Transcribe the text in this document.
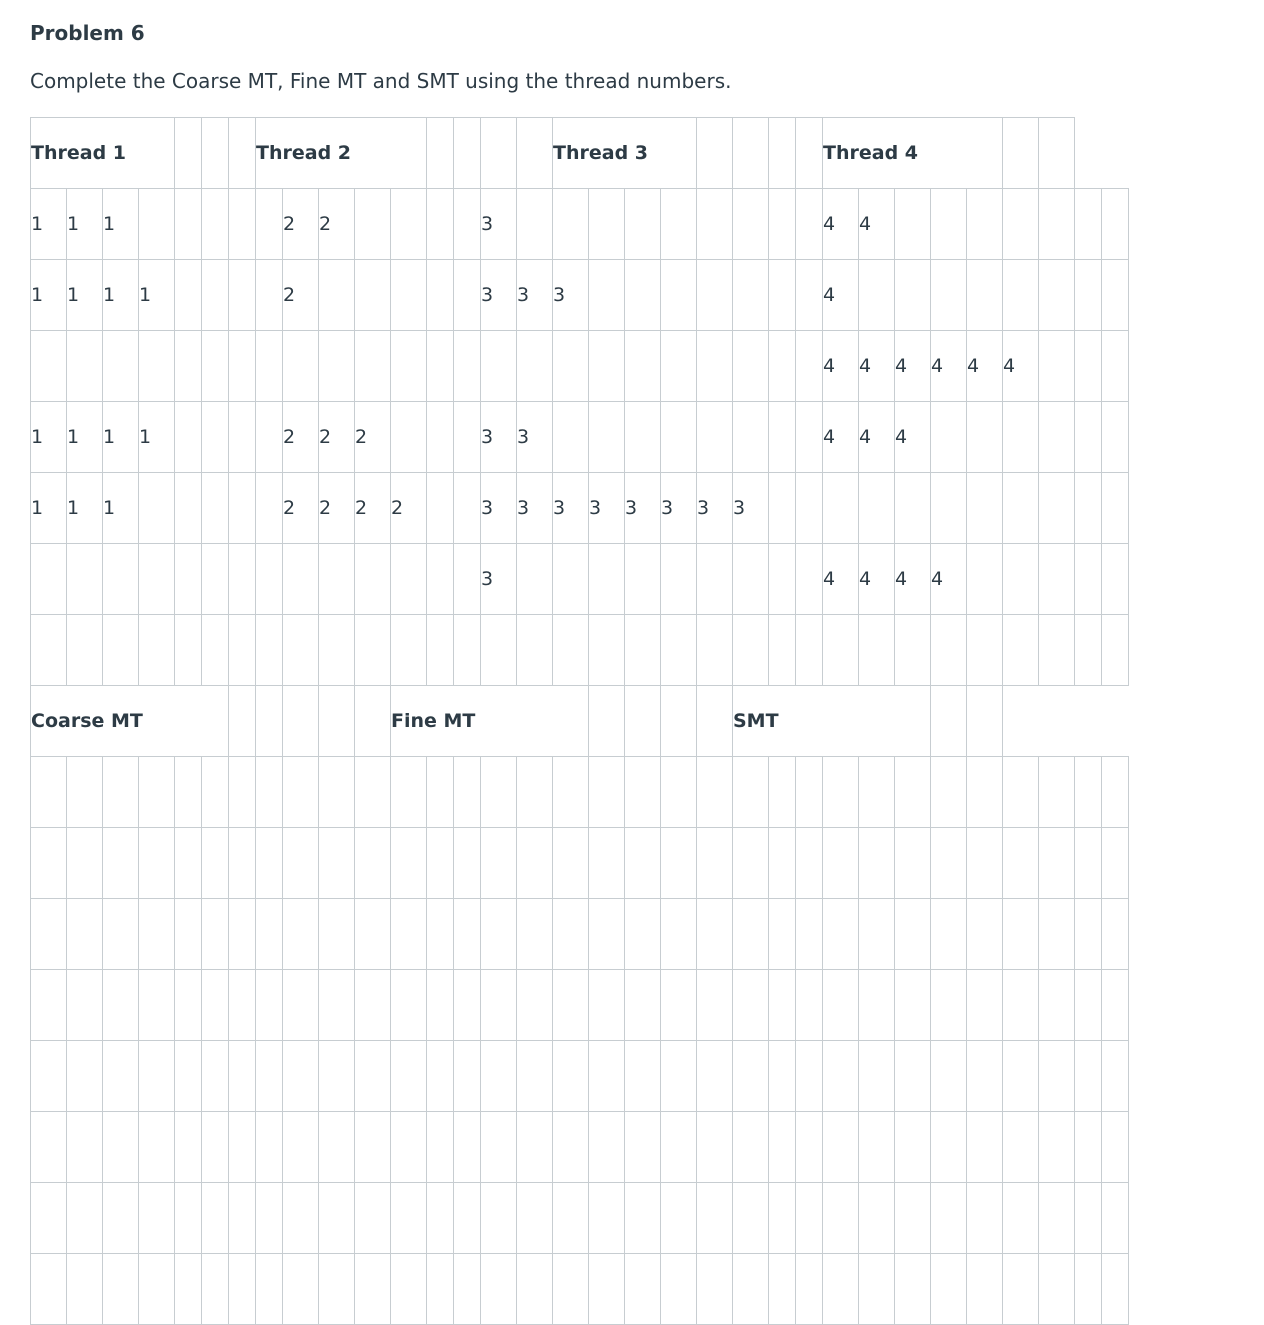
Problem 6

Complete the Coarse MT, Fine MT and SMT using the thread numbers.

Thread 1							Thread 2									Thread 3								Thread 4								
1	1	1						2	2					3										4	4							
1	1	1	1					2						3	3	3								4								
																								4	4	4	4	4	4			
1	1	1	1					2	2	2				3	3									4	4	4						
1	1	1						2	2	2	2			3	3	3	3	3	3	3	3											
														3										4	4	4	4					

Coarse MT											Fine MT										SMT											
